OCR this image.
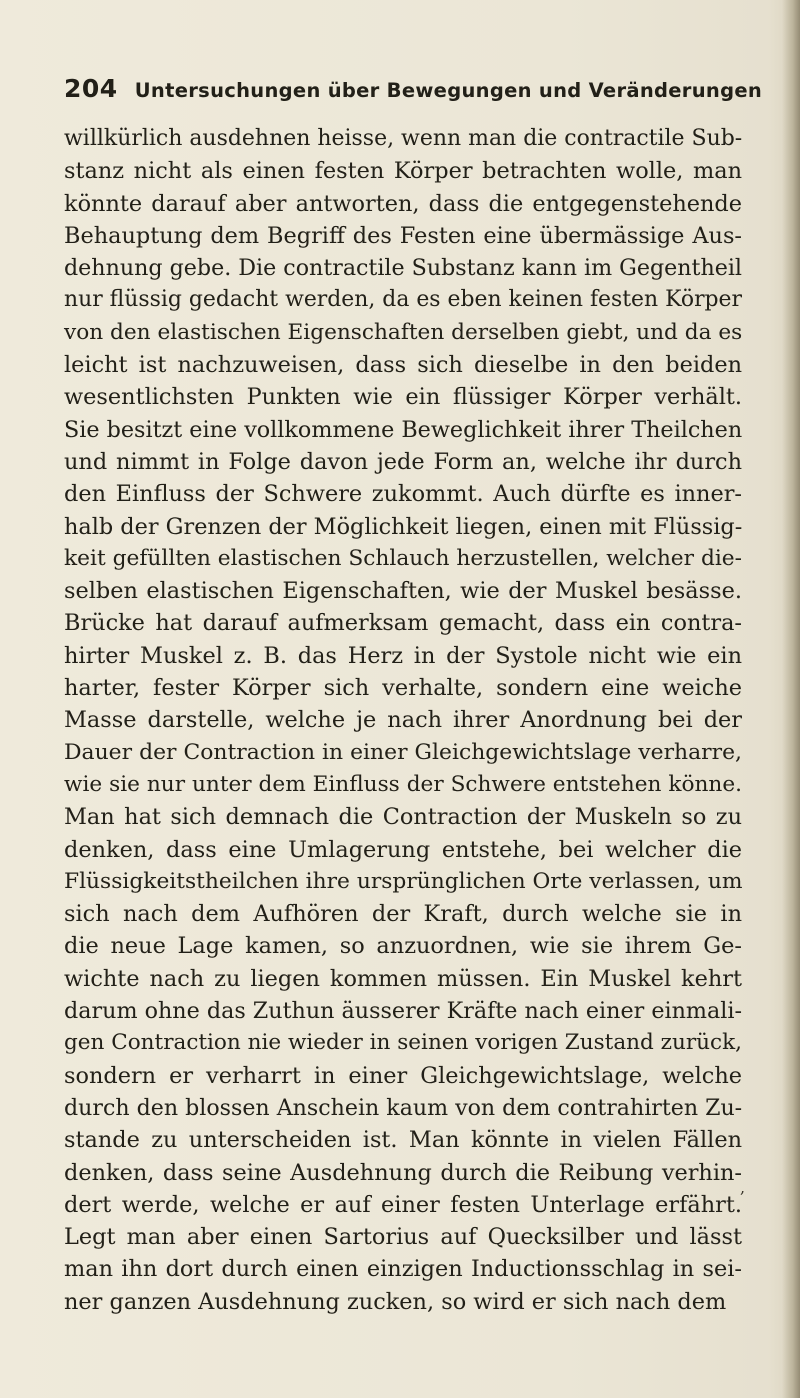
204 Untersuchungen über Bewegungen und Veränderungen
willkürlich ausdehnen heisse, wenn man die contractile Sub-
stanz nicht als einen festen Körper betrachten wolle, man
könnte darauf aber antworten, dass die entgegenstehende
Behauptung dem Begriff des Festen eine übermässige Aus-
dehnung gebe. Die contractile Substanz kann im Gegentheil
nur flüssig gedacht werden, da es eben keinen festen Körper
von den elastischen Eigenschaften derselben giebt, und da es
leicht ist nachzuweisen, dass sich dieselbe in den beiden
wesentlichsten Punkten wie ein flüssiger Körper verhält.
Sie besitzt eine vollkommene Beweglichkeit ihrer Theilchen
und nimmt in Folge davon jede Form an, welche ihr durch
den Einfluss der Schwere zukommt. Auch dürfte es inner-
halb der Grenzen der Möglichkeit liegen, einen mit Flüssig-
keit gefüllten elastischen Schlauch herzustellen, welcher die-
selben elastischen Eigenschaften, wie der Muskel besässe.
Brücke hat darauf aufmerksam gemacht, dass ein contra-
hirter Muskel z. B. das Herz in der Systole nicht wie ein
harter, fester Körper sich verhalte, sondern eine weiche
Masse darstelle, welche je nach ihrer Anordnung bei der
Dauer der Contraction in einer Gleichgewichtslage verharre,
wie sie nur unter dem Einfluss der Schwere entstehen könne.
Man hat sich demnach die Contraction der Muskeln so zu
denken, dass eine Umlagerung entstehe, bei welcher die
Flüssigkeitstheilchen ihre ursprünglichen Orte verlassen, um
sich nach dem Aufhören der Kraft, durch welche sie in
die neue Lage kamen, so anzuordnen, wie sie ihrem Ge-
wichte nach zu liegen kommen müssen. Ein Muskel kehrt
darum ohne das Zuthun äusserer Kräfte nach einer einmali-
gen Contraction nie wieder in seinen vorigen Zustand zurück,
sondern er verharrt in einer Gleichgewichtslage, welche
durch den blossen Anschein kaum von dem contrahirten Zu-
stande zu unterscheiden ist. Man könnte in vielen Fällen
denken, dass seine Ausdehnung durch die Reibung verhin-
dert werde, welche er auf einer festen Unterlage erfährt.
Legt man aber einen Sartorius auf Quecksilber und lässt
man ihn dort durch einen einzigen Inductionsschlag in sei-
ner ganzen Ausdehnung zucken, so wird er sich nach dem
,
